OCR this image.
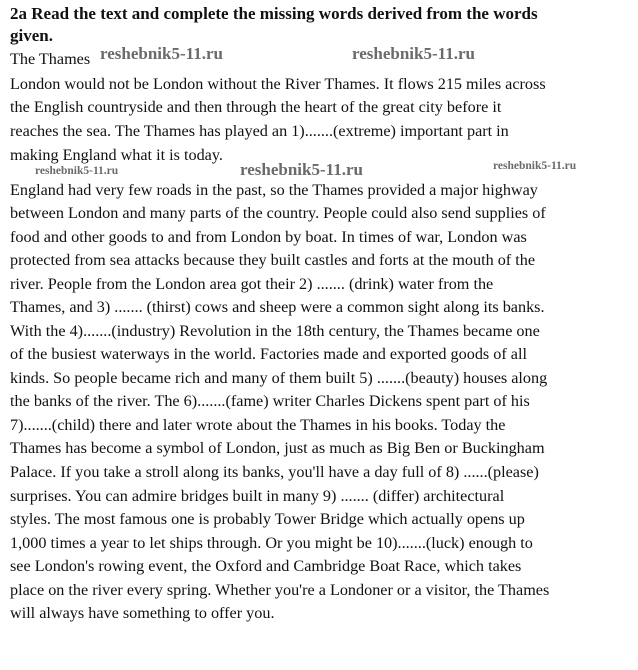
2a Read the text and complete the missing words derived from the words
given.
The Thames
London would not be London without the River Thames. It flows 215 miles across
the English countryside and then through the heart of the great city before it
reaches the sea. The Thames has played an 1).......(extreme) important part in
making England what it is today.
England had very few roads in the past, so the Thames provided a major highway
between London and many parts of the country. People could also send supplies of
food and other goods to and from London by boat. In times of war, London was
protected from sea attacks because they built castles and forts at the mouth of the
river. People from the London area got their 2) ....... (drink) water from the
Thames, and 3) ....... (thirst) cows and sheep were a common sight along its banks.
With the 4).......(industry) Revolution in the 18th century, the Thames became one
of the busiest waterways in the world. Factories made and exported goods of all
kinds. So people became rich and many of them built 5) .......(beauty) houses along
the banks of the river. The 6).......(fame) writer Charles Dickens spent part of his
7).......(child) there and later wrote about the Thames in his books. Today the
Thames has become a symbol of London, just as much as Big Ben or Buckingham
Palace. If you take a stroll along its banks, you'll have a day full of 8) ......(please)
surprises. You can admire bridges built in many 9) ....... (differ) architectural
styles. The most famous one is probably Tower Bridge which actually opens up
1,000 times a year to let ships through. Or you might be 10).......(luck) enough to
see London's rowing event, the Oxford and Cambridge Boat Race, which takes
place on the river every spring. Whether you're a Londoner or a visitor, the Thames
will always have something to offer you.
reshebnik5-11.ru	reshebnik5-11.ru
reshebnik5-11.ru	reshebnik5-11.ru	reshebnik5-11.ru
